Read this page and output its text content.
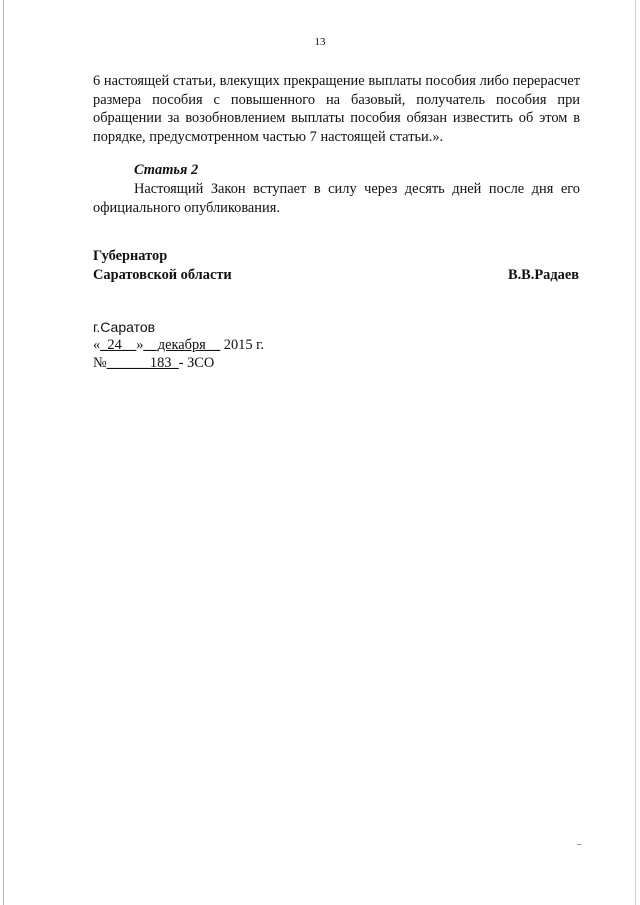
13

6 настоящей статьи, влекущих прекращение выплаты пособия либо перерасчет размера пособия с повышенного на базовый, получатель пособия при обращении за возобновлением выплаты пособия обязан известить об этом в порядке, предусмотренном частью 7 настоящей статьи.».

Статья 2

Настоящий Закон вступает в силу через десять дней после дня его официального опубликования.

Губернатор

Саратовской области	В.В.Радаев

г.Саратов
«_24__»__декабря__ 2015 г.
№______183_- ЗСО
